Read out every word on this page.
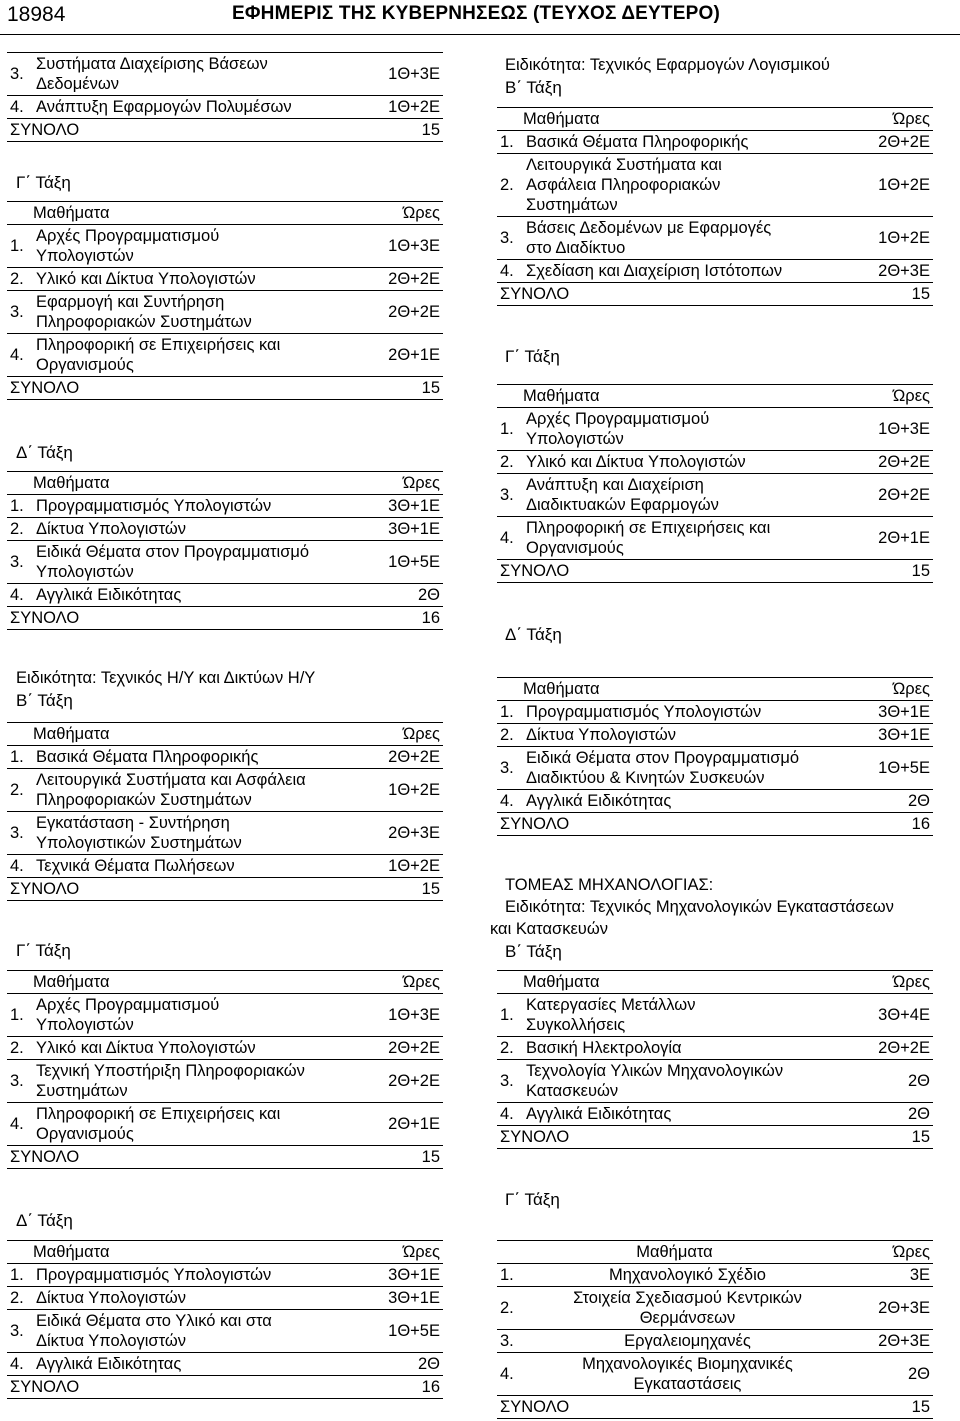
18984	ΕΦΗΜΕΡΙΣ ΤΗΣ ΚΥΒΕΡΝΗΣΕΩΣ (ΤΕΥΧΟΣ ΔΕΥΤΕΡΟ)
3.	Συστήματα Διαχείρισης Βάσεων
Δεδομένων	1Θ+3Ε
4.	Ανάπτυξη Εφαρμογών Πολυμέσων	1Θ+2Ε
ΣΥΝΟΛΟ		15
Γ΄ Τάξη
Μαθήματα		Ώρες
1.	Αρχές Προγραμματισμού
Υπολογιστών	1Θ+3Ε
2.	Υλικό και Δίκτυα Υπολογιστών	2Θ+2Ε
3.	Εφαρμογή και Συντήρηση
Πληροφοριακών Συστημάτων	2Θ+2Ε
4.	Πληροφορική σε Επιχειρήσεις και
Οργανισμούς	2Θ+1Ε
ΣΥΝΟΛΟ		15
Δ΄ Τάξη
Μαθήματα		Ώρες
1.	Προγραμματισμός Υπολογιστών	3Θ+1Ε
2.	Δίκτυα Υπολογιστών	3Θ+1Ε
3.	Ειδικά Θέματα στον Προγραμματισμό
Υπολογιστών	1Θ+5Ε
4.	Αγγλικά Ειδικότητας	2Θ
ΣΥΝΟΛΟ		16
Ειδικότητα: Τεχνικός Η/Υ και Δικτύων Η/Υ
Β΄ Τάξη
Μαθήματα		Ώρες
1.	Βασικά Θέματα Πληροφορικής	2Θ+2Ε
2.	Λειτουργικά Συστήματα και Ασφάλεια
Πληροφοριακών Συστημάτων	1Θ+2Ε
3.	Εγκατάσταση - Συντήρηση
Υπολογιστικών Συστημάτων	2Θ+3Ε
4.	Τεχνικά Θέματα Πωλήσεων	1Θ+2Ε
ΣΥΝΟΛΟ		15
Γ΄ Τάξη
Μαθήματα		Ώρες
1.	Αρχές Προγραμματισμού
Υπολογιστών	1Θ+3Ε
2.	Υλικό και Δίκτυα Υπολογιστών	2Θ+2Ε
3.	Τεχνική Υποστήριξη Πληροφοριακών
Συστημάτων	2Θ+2Ε
4.	Πληροφορική σε Επιχειρήσεις και
Οργανισμούς	2Θ+1Ε
ΣΥΝΟΛΟ		15
Δ΄ Τάξη
Μαθήματα		Ώρες
1.	Προγραμματισμός Υπολογιστών	3Θ+1Ε
2.	Δίκτυα Υπολογιστών	3Θ+1Ε
3.	Ειδικά Θέματα στο Υλικό και στα
Δίκτυα Υπολογιστών	1Θ+5Ε
4.	Αγγλικά Ειδικότητας	2Θ
ΣΥΝΟΛΟ		16
Ειδικότητα: Τεχνικός Εφαρμογών Λογισμικού
Β΄ Τάξη
Μαθήματα		Ώρες
1.	Βασικά Θέματα Πληροφορικής	2Θ+2Ε
2.	Λειτουργικά Συστήματα και
Ασφάλεια Πληροφοριακών
Συστημάτων	1Θ+2Ε
3.	Βάσεις Δεδομένων με Εφαρμογές
στο Διαδίκτυο	1Θ+2Ε
4.	Σχεδίαση και Διαχείριση Ιστότοπων	2Θ+3Ε
ΣΥΝΟΛΟ		15
Γ΄ Τάξη
Μαθήματα		Ώρες
1.	Αρχές Προγραμματισμού
Υπολογιστών	1Θ+3Ε
2.	Υλικό και Δίκτυα Υπολογιστών	2Θ+2Ε
3.	Ανάπτυξη και Διαχείριση
Διαδικτυακών Εφαρμογών	2Θ+2Ε
4.	Πληροφορική σε Επιχειρήσεις και
Οργανισμούς	2Θ+1Ε
ΣΥΝΟΛΟ		15
Δ΄ Τάξη
Μαθήματα		Ώρες
1.	Προγραμματισμός Υπολογιστών	3Θ+1Ε
2.	Δίκτυα Υπολογιστών	3Θ+1Ε
3.	Ειδικά Θέματα στον Προγραμματισμό
Διαδικτύου & Κινητών Συσκευών	1Θ+5Ε
4.	Αγγλικά Ειδικότητας	2Θ
ΣΥΝΟΛΟ		16
ΤΟΜΕΑΣ ΜΗΧΑΝΟΛΟΓΙΑΣ:
Ειδικότητα: Τεχνικός Μηχανολογικών Εγκαταστάσεων
και Κατασκευών
Β΄ Τάξη
Μαθήματα		Ώρες
1.	Κατεργασίες Μετάλλων
Συγκολλήσεις	3Θ+4Ε
2.	Βασική Ηλεκτρολογία	2Θ+2Ε
3.	Τεχνολογία Υλικών Μηχανολογικών
Κατασκευών	2Θ
4.	Αγγλικά Ειδικότητας	2Θ
ΣΥΝΟΛΟ		15
Γ΄ Τάξη
Μαθήματα		Ώρες
1.	Μηχανολογικό Σχέδιο	3Ε
2.	Στοιχεία Σχεδιασμού Κεντρικών
Θερμάνσεων	2Θ+3Ε
3.	Εργαλειομηχανές	2Θ+3Ε
4.	Μηχανολογικές Βιομηχανικές
Εγκαταστάσεις	2Θ
ΣΥΝΟΛΟ		15
